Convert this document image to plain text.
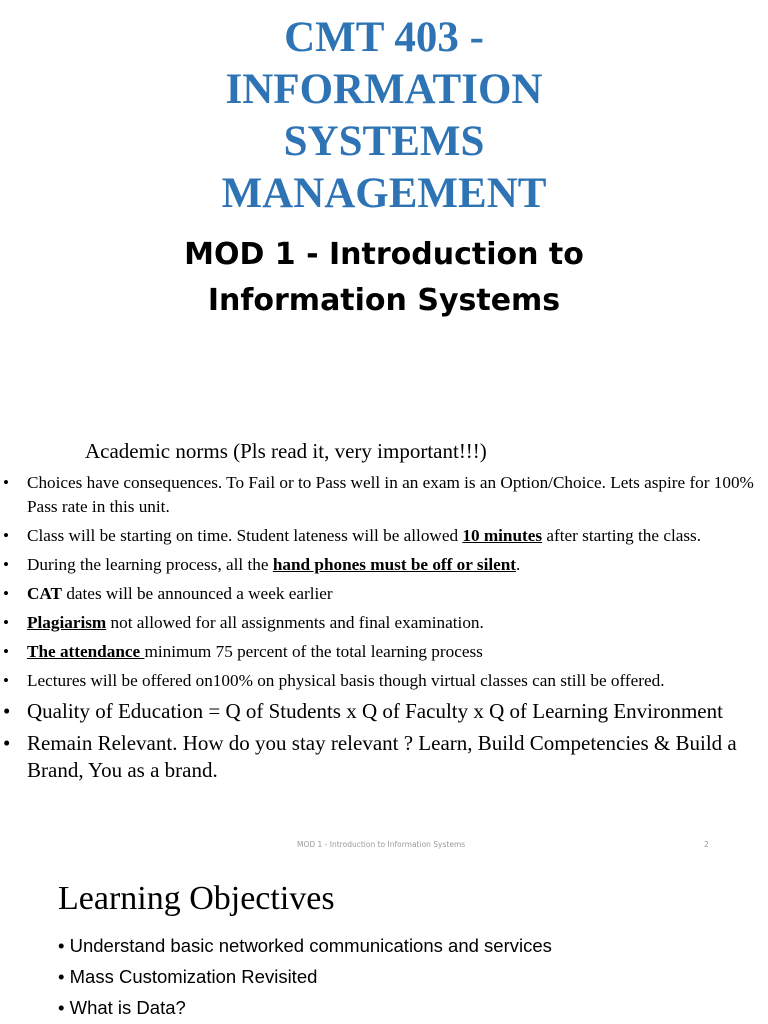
CMT 403 -
INFORMATION
SYSTEMS
MANAGEMENT
MOD 1 - Introduction to
Information Systems
Academic norms (Pls read it, very important!!!)
• Choices have consequences. To Fail or to Pass well in an exam is an Option/Choice. Lets aspire for 100% Pass rate in this unit.
• Class will be starting on time. Student lateness will be allowed 10 minutes after starting the class.
• During the learning process, all the hand phones must be off or silent.
• CAT dates will be announced a week earlier
• Plagiarism not allowed for all assignments and final examination.
• The attendance minimum 75 percent of the total learning process
• Lectures will be offered on100% on physical basis though virtual classes can still be offered.
• Quality of Education = Q of Students x Q of Faculty x Q of Learning Environment
• Remain Relevant. How do you stay relevant ? Learn, Build Competencies & Build a Brand, You as a brand.
MOD 1 - Introduction to Information Systems	2
Learning Objectives
• Understand basic networked communications and services
• Mass Customization Revisited
• What is Data?
